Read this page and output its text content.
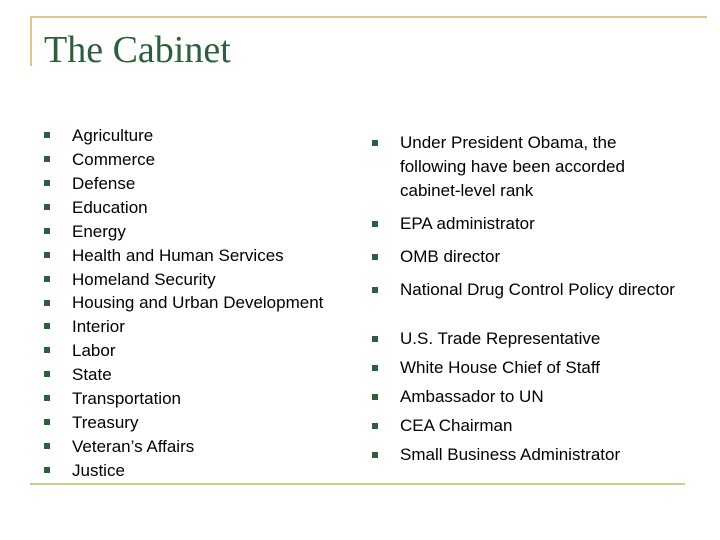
The Cabinet
Agriculture
Commerce
Defense
Education
Energy
Health and Human Services
Homeland Security
Housing and Urban Development
Interior
Labor
State
Transportation
Treasury
Veteran’s Affairs
Justice
Under President Obama, the following have been accorded cabinet-level rank
EPA administrator
OMB director
National Drug Control Policy director
U.S. Trade Representative
White House Chief of Staff
Ambassador to UN
CEA Chairman
Small Business Administrator
